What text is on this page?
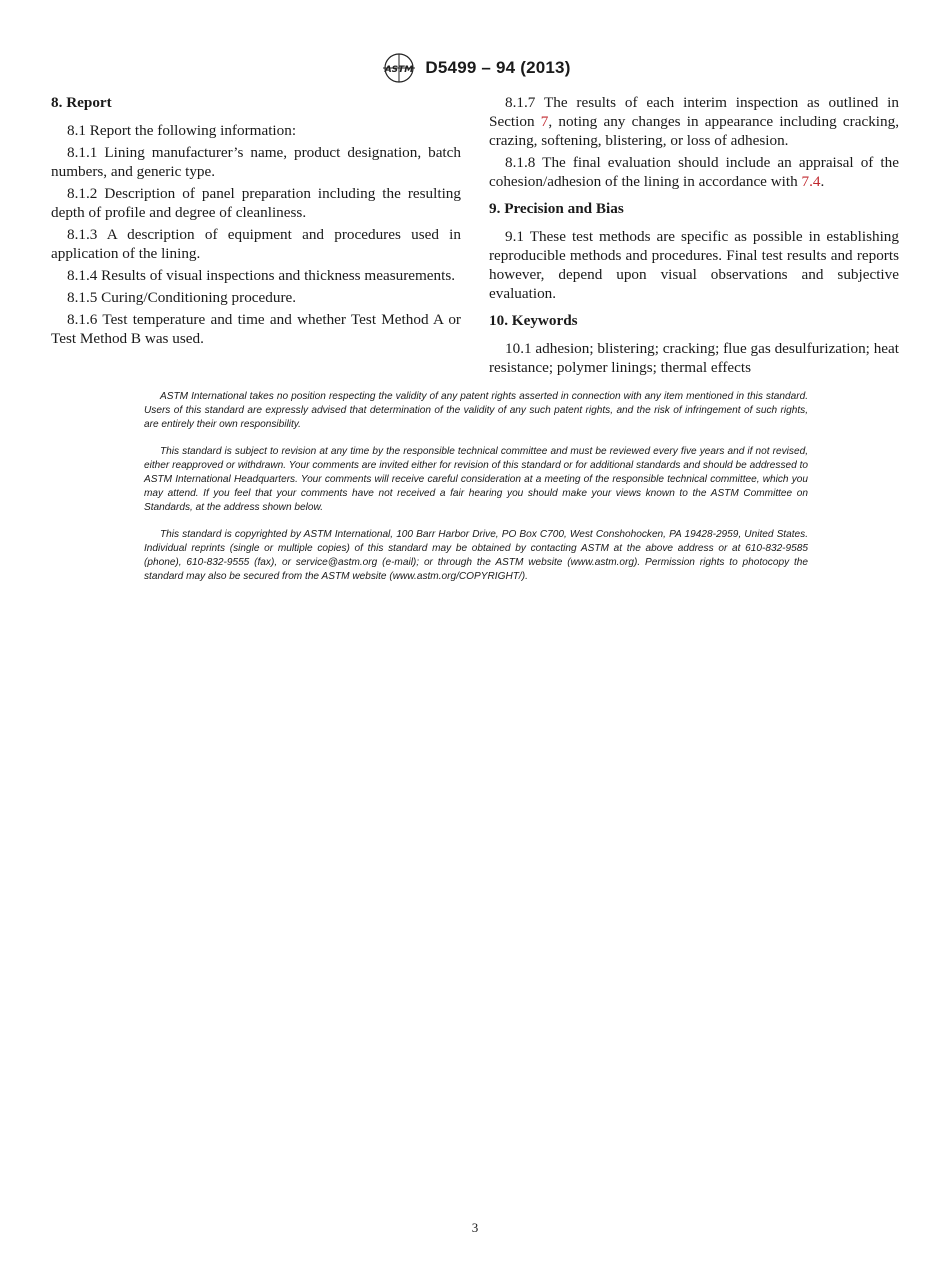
ASTM D5499 – 94 (2013)
8. Report

8.1 Report the following information:

8.1.1 Lining manufacturer’s name, product designation, batch numbers, and generic type.

8.1.2 Description of panel preparation including the resulting depth of profile and degree of cleanliness.

8.1.3 A description of equipment and procedures used in application of the lining.

8.1.4 Results of visual inspections and thickness measurements.

8.1.5 Curing/Conditioning procedure.

8.1.6 Test temperature and time and whether Test Method A or Test Method B was used.

8.1.7 The results of each interim inspection as outlined in Section 7, noting any changes in appearance including cracking, crazing, softening, blistering, or loss of adhesion.

8.1.8 The final evaluation should include an appraisal of the cohesion/adhesion of the lining in accordance with 7.4.

9. Precision and Bias

9.1 These test methods are specific as possible in establishing reproducible methods and procedures. Final test results and reports however, depend upon visual observations and subjective evaluation.

10. Keywords

10.1 adhesion; blistering; cracking; flue gas desulfurization; heat resistance; polymer linings; thermal effects

ASTM International takes no position respecting the validity of any patent rights asserted in connection with any item mentioned in this standard. Users of this standard are expressly advised that determination of the validity of any such patent rights, and the risk of infringement of such rights, are entirely their own responsibility.

This standard is subject to revision at any time by the responsible technical committee and must be reviewed every five years and if not revised, either reapproved or withdrawn. Your comments are invited either for revision of this standard or for additional standards and should be addressed to ASTM International Headquarters. Your comments will receive careful consideration at a meeting of the responsible technical committee, which you may attend. If you feel that your comments have not received a fair hearing you should make your views known to the ASTM Committee on Standards, at the address shown below.

This standard is copyrighted by ASTM International, 100 Barr Harbor Drive, PO Box C700, West Conshohocken, PA 19428-2959, United States. Individual reprints (single or multiple copies) of this standard may be obtained by contacting ASTM at the above address or at 610-832-9585 (phone), 610-832-9555 (fax), or service@astm.org (e-mail); or through the ASTM website (www.astm.org). Permission rights to photocopy the standard may also be secured from the ASTM website (www.astm.org/COPYRIGHT/).

3
